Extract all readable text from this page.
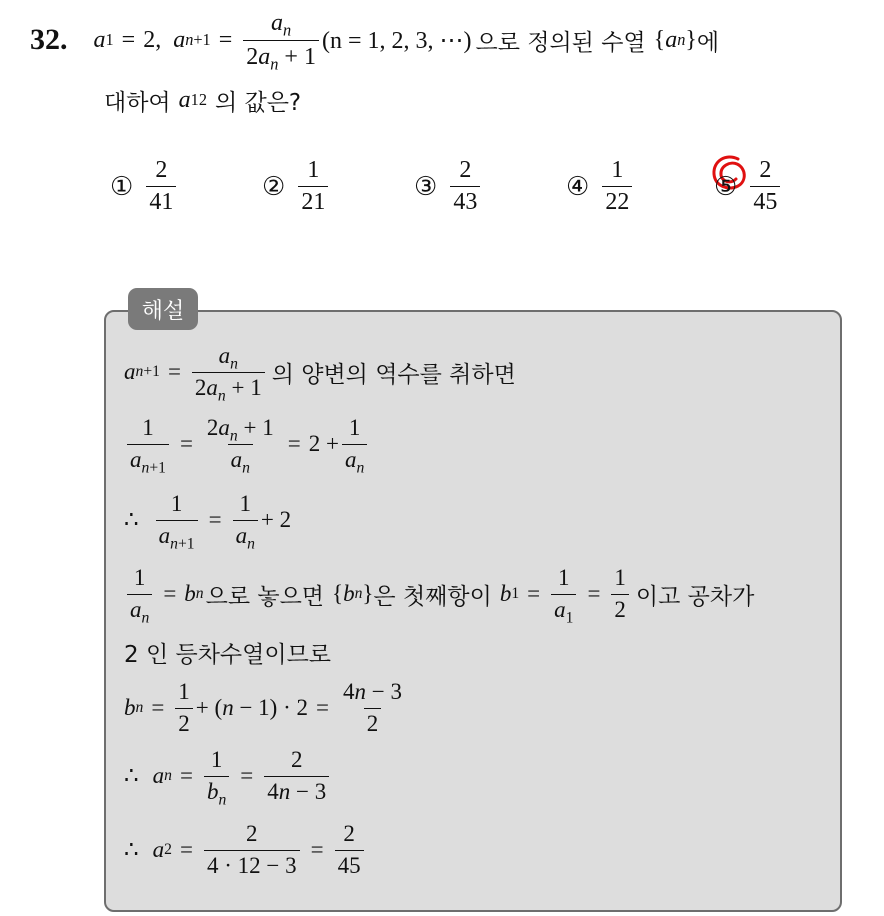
32. a 1 = 2, a $n +1 = \frac{a_n}{2a_n + 1} (n = 1$, 2, 3, ⋯) 으로 정의된 수열 { a n } 에
대하여 a 12 의 값은?
① $\frac{2}{41}$	② $\frac{1}{21}$	③ $\frac{2}{43}$	④ $\frac{1}{22}$	⑤ $\frac{2}{45}$
해설
a $n +1 = \frac{a_n}{2a_n + 1}$ 의 양변의 역수를 취하면
$\frac{1}{a_{n+1}} = \frac{2a_n + 1}{a_n} = 2 + \frac{1}{a_n}$
∴ $\frac{1}{a_{n+1}} = \frac{1}{a_n} + 2$
$\frac{1}{a_n} = b$ n 으로 놓으면 { b n } 은 첫째항이 b $1 = \frac{1}{a_1} = \frac{1}{2}$ 이고 공차가
2 인 등차수열이므로
b $n = \frac{1}{2}$ + ( $n - 1) \cdot 2 = \frac{4n - 3}{2}$
∴ a $n = \frac{1}{b_n} = \frac{2}{4n - 3}$
∴ a $2 = \frac{2}{4 \cdot 12 - 3} = \frac{2}{45}$
